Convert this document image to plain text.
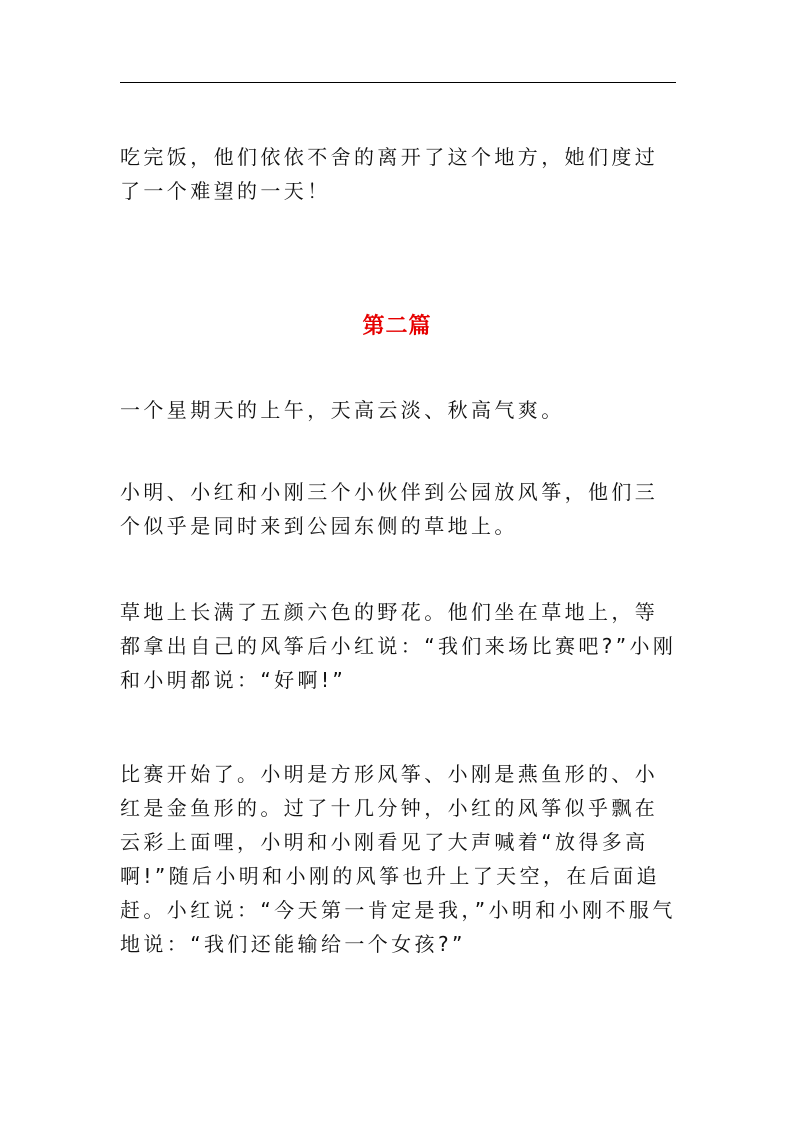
吃完饭，他们依依不舍的离开了这个地方，她们度过了一个难望的一天！

第二篇

一个星期天的上午，天高云淡、秋高气爽。

小明、小红和小刚三个小伙伴到公园放风筝，他们三个似乎是同时来到公园东侧的草地上。

草地上长满了五颜六色的野花。他们坐在草地上，等都拿出自己的风筝后小红说：“我们来场比赛吧?”小刚和小明都说：“好啊!”

比赛开始了。小明是方形风筝、小刚是燕鱼形的、小红是金鱼形的。过了十几分钟，小红的风筝似乎飘在云彩上面哩，小明和小刚看见了大声喊着“放得多高啊!”随后小明和小刚的风筝也升上了天空，在后面追赶。小红说：“今天第一肯定是我，”小明和小刚不服气地说：“我们还能输给一个女孩?”
